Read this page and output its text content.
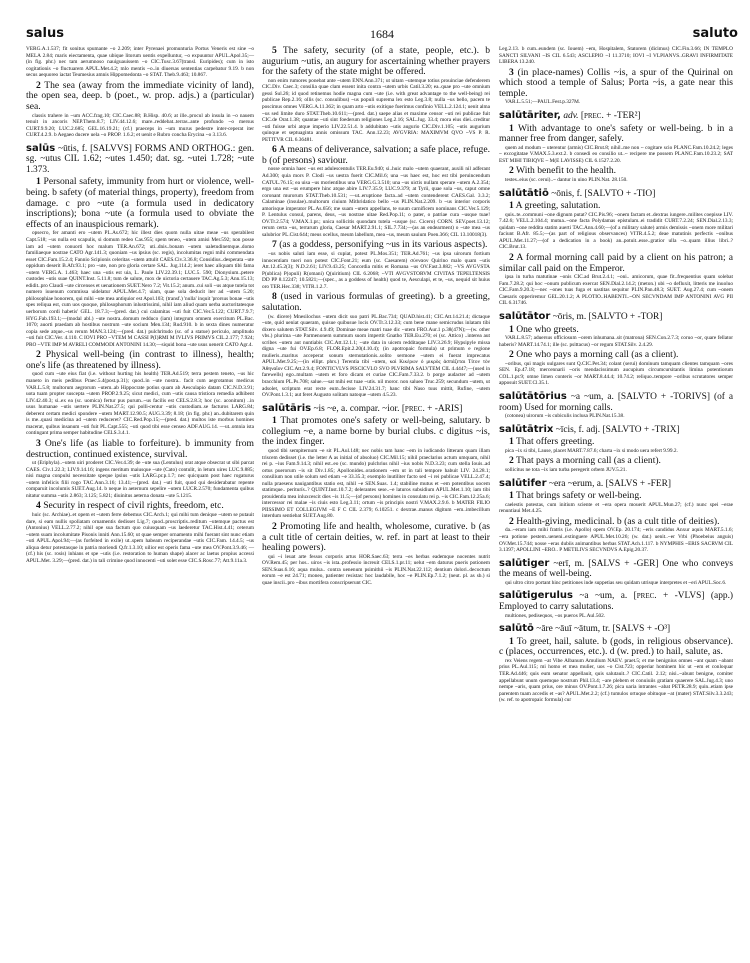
salus	1684	saluto

VERG.A.1.537; fit sonitus spumante ~o 2.209; inter Pyrenaei promunturia Portus Veneris est sine ~o MELA 2.84; maris eiectamenta, quae ubique litorum uentis expelluntur, ~o expuuntur APUL.Apol.35;—(in fig. phr.) nec tam aerumnoso nauiguauissem ~o CIC.Tusc.3.67(transl. Euripides); cum in isto cogitationis ~o fluctuarem APUL.Met.4.2; mlo mentis ~o..in diuersas sententias carpebatur 9.19. b non secus aequoreo iactat Teumesius amnis Hippomedonta ~o STAT. Theb.9.463; 10.867.

2 The sea (away from the immediate vicinity of land), the open sea, deep. b (poet., w. prop. adjs.) a (particular) sea.

classis trahere in ~um ACC.frag.10; CIC.Caec.88; B.Hisp. 40.6; at ille..procul ab insula in ~o nauem tenuit in ancoris NEP.Them.8.7; LIV.44.12.6; mare..reddebat..terras..ante profundo ~o mersus CURT.9.9.20; LUC.2.685; GEL.16.19.21; (cf.) praeceps in ~um murus pedestre inter-ceperat iter CURT.4.2.9. b Aegaeo ducere uela ~o PROP. 1.6.2; et uenit e Rubro concha Erycina ~o 3.13.6.

salūs ~ūtis, f. [SALVVS] FORMS AND ORTHOG.: gen. sg. ~utus CIL 1.62; ~utes 1.450; dat. sg. ~utei 1.728; ~ute 1.373.

1 Personal safety, immunity from hurt or violence, well-being. b safety (of material things, property), freedom from damage. c pro ~ute (a formula used in dedicatory inscriptions); bona ~ute (a formula used to obviate the effects of an inauspicious remark).

opsecro, fer amanti ero ~utem PL.As.672; hic illest dies quom nulla uitae meae ~us sperabilest Capt.518; ~us nulla est scapulis, si domum redeo Cas.955; spem teneo, ~utem amisi Mer.592; non posse iam ad ~utem conuorti hoc malum TER.An.672; uti..dnis..bonam ~utem ualetudinemque..domo familiaeque nostrae CATO Agr.141.3; quoniam ~us ipsius (sc. regis), incolumitas regni mihi commendata esset CIC.Fam.15.2.4; Fannio Scipionis celeritas ~utem attulit CAES.Civ.3.36.8; Considius..desperata ~ute oppidum deserit B.Afr.93.1; pro ~ute, non pro gloria certare SAL. Jug.114.2; ieret haec aliquam tibi fama ~utem VERG.A. 1.463; haec una ~utis est uia, L. Paule LIV.22.39.1; LUC.5. 590; Dionysium..petere custodes ~utis suae QUINT.Inst. 5.11.8; tum de salute, mox de uictoria certauere TAC.Ag.5.3; Ann.15.13; edidit..pro Claudi ~ute circenses et uenationem SUET.Nero 7.2; Vit.15.2; anum..cui soli ~us atque tutela tot numero iuuenum commissa uidelatur APUL.Met.4.7; uiam, quae sola deducit iter ad ~utem 5.20; philosophiae honorem, qui mihi ~ute mea antiquior est Apol.103; (transf.) 'nulla' inquit 'prorsus bonae ~utis spes reliqua est, cum uos quoque, philosophorum inlustrissimi, nihil iam aliud quam uerba auctoritatesque uerborum cordi habetis' GEL. 18.7.3;—(pred. dat.) cui calamitas ~uti fuit CIC.Ver.5.122; CURT.7.9.7; HYG.Fab.193.1;—(modal abl.) ~ute nostra..domum redduco (iam) integrum omnem exercitum PL.Bac. 1070; auorti praedam ab hostibus nostrum ~ute socium Men.134; Rud.910. b in sexta dines numeratur copia sede atque..~us rerum MAN.3.124;—(pred. dat.) pulchritudo (sc. of a statue) periculo, amplitudo ~uti fuit CIC.Ver. 4.110. C IOVI PRO ~VTEM M CASSI P(I)RMI M IVLIVS PRIMVS CIL.2.177; 7.924; PRO ~VTE IMP M AVRELI COMMODI ANTONINI 14.30;—siquid bona ~ute usus uenerit CATO Agr.4.

2 Physical well-being (in contrast to illness), health; one's life (as threatened by illness).

quod cum ~ute eius fiat (i.e. without hurting his health) TER.Ad.519; terra pestem teneto, ~us hic maneto in meis pedibus Praec.5.4(post.p.31); quod..in ~ute nostra.. facit cum aegrotamus medicus VAR.L.5.8; multorum aegrorum ~utem..ab Hippocrate potius quam ab Aesculapio datam CIC.N.D.3.91; uota tuam propter suscepta ~utem PROP.2.9.25; sicut medici, cum ~utis causa tristiora remedia adhibent LIV.42.40.3; si..ex ea (sc. uomica) fertur pus purum..~us facilis est CELS.2.8.3; hoc (sc. aconitum) ..in usus humanae ~utis uertere PLIN.Nat.27.5; qui polli-centur ~utis custodiam..se facturos LARG.84; deberent certam medici spondere ~utem MART.12.90.5; AUG.3.39; 8.18; (in fig. phr.) an..dubitarem quin is me..quasi medicina ad ~utem reduceret? CIC.Red.Pop.15;—(pred. dat.) multos iste morbus homines macerat, quibus insanum ~uti fuit PL.Capt.555; ~uti quod tibi esse censeo ADF.AUG.14. —ut..omnia ista contingant prima semper habitudine CELS.3.4.1.

3 One's life (as liable to forfeiture). b immunity from destruction, continued existence, survival.

ut (Eriphyla)..~utem uiri proderet CIC.Ver.4.39; de ~ute sua (Lentulus) orat atque obsecrat ut sibi parcat CAES. Civ.1.22.3; LIV.9.14.16; ingens meritum maiusque ~ute (Cato) contulit, in letum uires LUC.9.885; nisi magna conpulsi necessitate speque ipsius ~utis LARG.pr.p.1.7; nec quicquam post haec rogaturus ~utem infelicis filii rogo TAC.Ann.3.16; 13.41;—(pred. dat.) ~uti fuit, quod qui desiderabatur repente comparuit incolumis SUET.Aug.14. b neque in aeternum sepelire ~utem LUCR.2.570; fundamenta quibus nitatur summa ~utis 2.863; 3.125; 5.821; diuinitus aeterna donata ~ute 5.1215.

4 Security in respect of civil rights, freedom, etc.

huic (sc. Archiae)..et opem et ~utem ferre debemus CIC.Arch.1; qui mihi tum denique ~utem se putauit dare, si eam nullis spoliatam ornamentis dedisset Lig.7; quod..proscriptis..reditum ~utemque pactus est (Antonius) VELL.2.77.2; nihil ope sua factum quo cuiusquam ~us laederetur TAC.Hist.4.41; ceterum ~utem suam incolumitate Pisonis inniti Ann.15.60; ut quae semper ornamento mihi fuerant sint nunc etiam ~uti APUL.Apol.94;—(as forfeited in exile) ut..spem habeam reciperandae ~utis CIC.Fam. 14.4.5; ~us aliqua detur potestasque in patria moriendi Q.fr.1.3.10; uilior est operis fama ~ute mea OV.Pont.3.9.46; —(cf.) his (sc. rosis) inhians et spe ~utis (i.e. restoration to human shape) alacer ac laetus propius accessi APUL.Met. 3.29;—(pred. dat.) in tali crimine quod innocenti ~uti solet esse CIC.S.Rosc.77; Att.9.11a.3.

5 The safety, security (of a state, people, etc.). b augurium ~utis, an augury for ascertaining whether prayers for the safety of the state might be offered.

non enim rumores ponebat ante ~utem ENN.Ann.371; ut uitam ~utemque totius prouinciae defenderem CIC.Div. Caec.3; consilia quae clam essent inita contra ~utem urbis Catil.3.20; ea..quae pro ~ute omnium gessi Sul.26; id quod retinemus hodie magna cum ~ute (i.e. with great advantage to the well-being) rei publicae Rep.2.16; ollis (sc. consulibus) ~us populi suprema lex esto Leg.3.8; nulla ~us bello, pacem te poscimus omnes VERG.A.11.362; in quam arto ~utis exitique fuerimus confinio VELL.2.124.1; uenit alma ~us sed limite duro STAT.Theb.10.611;—(pred. dat.) saepe alias et maxime censor ~uti rei publicae fuit CIC.de Orat.1.38; quantae ~uti sint foederum religiones Leg.2.16; SAL.Jug. 33.4; mora eius diei..creditur ~uti fuisse urbi atque imperio LIV.22.51.4. b addubitato ~utis augurio CIC.Div.1.105; ~utis augurium quinque et septuaginta annis omissum TAC. Ann.12.23; AVGVRIA: MAXIMVM QVO ~VS P. R. PETITVR CIL 6.36481.

6 A means of deliverance, salvation; a safe place, refuge. b (of persons) saviour.

nosse omnia haec ~us est adulescentulis TER.Eu.940; si..huic malo ~utem quaerant, auxili nil adferant Ad.300; quia mors P. Clodi ~us uestra fuerit CIC.Mil.6; una ~us haec est, hoc est tibi peruincendum CATUL.76.15; ea uisa ~us morientibus una VERG.G.3.510; una ~us uictis nullam sperare ~utem A.2.354; ergo una est ~us erumpere hinc atque abire LIV.7.35.9; LUC.9.379; at Tyrii, quae sola ~us, caput omne coronant murorum STAT.Theb.10.531; —ut..eruptione facta..ad ~utem contenderent CAES.Gal. 3.3.2; Calaminae (insulae)..multorum ciuium Mithridatico bello ~us PLIN.Nat.2.209. b ~us interior corporis amorisque imperator PL.As.656; me suam ~utem appellans, te suum carnificem nominans CIC.Ver.5.129; P. Lentulus consul, parens, deus, ~us nostrae uitae Red.Pop.11; o pater, o patriae cura ~usque tuae! OV.Tr.2.574; V.MAX.1.pr.; unica sollicitis quondam tutela ~usque (sc. Cicero) CORN. SEV.poet.13.12; rerum certa ~us, terrarum gloria, Caesar MART.2.91.1; SIL.7.734;—(as an endearment) o ~ute mea ~us salubrior PL.Cist.644; meus ocellus, meum labellum, mea ~us, meum sauium Poen.366; CIL 13.10018(3).

7 (as a goddess, personifying ~us in its various aspects).

~us nobis saluti iam esse, si cupiat, potest PL.Mos.351; TER.Ad.761; ~us ipsa uirorum fortium innocentiam tueri non potest CIC.Font.21; eum (sc. Caesarem) σύνναον Quirino malo quam ~utis Att.12.45.2(3); N.D.2.61; LIV.9.43.25; Concordia mitis et Romana ~us OV.Fast.3.882; ~VS AVGVSTA P(ublica) P(opuli) R(omani) Q(uiritium) CIL 6.2068; ~VTI AVGVSTORVM CIVITAS TEPELTENSIS DD PP 8.12247; 10.5821;—(spec., as a goddess of health) quod te, Aesculapi, et te, ~us, nequid sit huius oro TER.Hec.338; VITR.1.2.7.

8 (used in various formulas of greeting). b a greeting, salutation.

(w. dicere) Mnesilochus ~utem dicit suo patri PL.Bac.734; QUAD.hist.41; CIC.Att.14.21.4; dictaque ~ute, quid ueniat quaeram, quisue quibusue locis OV.Tr.3.12.33; cum bene mane semicrudus inlatam tibi dixero salutem STAT.Silv. 4.9.49; Dominae meae matri tuae dic ~utem FRO.Aur.1 p.38(47N);—(w. other vbs.) plurima ~ute Parmenonem summum suom impertit Gnatho TER.Eu.270; ei (sc. Attico) ..interea aut scribes ~utem aut nuntiabis CIC.Att.12.1.1; ~ute data in uicem redditaque LIV.3.26.9; Hypsipyle missa digna ~ute fui OV.Ep.6.8; FLOR.Epit.2.20(4.10.4); (in apotropaic formula) ut primum e regione mulieris..maritus acceperat sonum sternutationis..solito sermone ~utem ei fuerat imprecatus APUL.Met.9.25;—(in ellipt. phrs.) Terentia tibi ~utem, καὶ Κικέρων ὁ μικρὸς ἀσπάζεται Τίτον τὸν Ἀθηναῖον CIC.Att.2.9.4; FONTICVLVS PISCICVLO SVO PLVRIMA SALVTEM CIL 4.4447;—(used in farewells) ego..multam ~utem et foro dicam et curiae CIC.Fam.7.33.2. b porge audacter ad ~utem bracchium PL.Ps.708; salue.—sat mihi est tuae ~utis. nil moror. non salueo Truc.259; secundum ~utem, ut adsolet, scriptum erat recte eum..fecisse LIV.24.31.7; hanc tibi Naso tuus mittit, Rufine, ~utem OV.Pont.1.3.1; aut feret Augusto solitam natoque ~utem 4.5.23.

salūtāris ~is ~e, a. compar. ~ior. [prec. + -ARIS]

1 That promotes one's safety or well-being, salutary. b collegium ~e, a name borne by burial clubs. c digitus ~is, the index finger.

quod tibi sempiternum ~e sit PL.Aul.148; nec nobis tam hanc ~em in iudicando litteram quam illam triscem dedisset (i.e. the letter A as initial of absoluo) CIC.Mil.15; nihil praeclarius actum umquam, nihil rei p. ~ius Fam.9.14.3; nihil est..eo (sc. mundo) pulchrius nihil ~ius nobis N.D.3.23; cum stella Iouis..ad ortus puerorum ~is sit Div.1.85; Apollonides..orationem ~em ut in tali tempore habuit LIV. 24.28.1; consilium non utile solum sed etiam ~e 33.35.3; exemplo inutiliter facto sed ~i rei publicae VELL.2.47.4; nulla praesens nauigantibus statio est, nihil ~e SEN.Suas. 1.4; stabiline mutus et ~em potentibus uocem statimque.. periturís..? QUINT.Inst.10.7.2; delerantes sese..~e laturos subsidium APUL.Met.1.10; iam tibi prouidentia mea inluxcescit dies ~is 11.5;—(of persons) homines in consulatu rei p. ~is CIC.Fam.12.25a.6; intercessor rei malae ~is ciuis esto Leg.3.11; ortum ~is principis nostri V.MAX.2.9.6. b MATER FILIO PIISSIMO ET COLLEGIVM ~E F C CIL 2.379; 6.10251. c dextrae..manus digitum ~em..imbecillum interdum sentiebat SUET.Aug.80.

2 Promoting life and health, wholesome, curative. b (as a cult title of certain deities, w. ref. in part at least to their healing powers).

qui ~i leuat arte fessos corporis artus HOR.Saec.63; terra ~es herbas eademque nocentes nutrit OV.Rem.45; per hos.. uiros ~is ista..professio increuit CELS.1.pr.11; uelut ~em daturus pueris potionem SEN.Suas.6.16; aqua mulsa.. contra uenenum psimithii ~is PLIN.Nat.22.112; dentium dolori..decoctum eorum ~e est 24.71; moneo, patienter resistas: hoc laudabile, hoc ~e PLIN.Ep.7.1.2; (neut. pl. as sb.) si quae inscii..pro ~ibus mortifera conscripserunt CIC.

Leg.2.13. b cum..eundem (sc. Iouem) ~em, Hospitalem, Statorem (dicimus) CIC.Fin.3.66; IN TEMPLO SANCTI SILVANI ~IS CIL 6.543; ASCLEPIO ~I 11.3710; IOVI ~I VLPIANVS..GRAVI INFIRMITATE LIBERA 13.240.

3 (in place-names) Collis ~is, a spur of the Quirinal on which stood a temple of Salus; Porta ~is, a gate near this temple.

VAR.L.5.51;—PAUL.Fest.p.327M.

salūtāriter, adv. [prec. + -TER²]

1 With advantage to one's safety or well-being. b in a manner free from danger, safely.

quem ad modum ~ uterentur (armis) CIC.Brut.8; nihil..me non ~ cogitare scio PLANC.Fam.10.24.2; leges ~ excogitatae V.MAX.5.3.ext.2. b consedi eo consilio ut..~ recipere me possem PLANC.Fam.10.23.2; SAT EST MIHI TIBIQVE ~ M(E LAVISSE) CIL 6.1527.2.20.

2 With benefit to the health.

testes..eius (sc. cerui)..~ dantur in uino PLIN.Nat. 28.150.

salūtātiō ~ōnis, f. [SALVTO + -TIO]

1 A greeting, salutation.

quis..te..communi ~one dignum putat? CIC.Pis.96; ~onem factam et..dextras iungere..milites coepisse LIV. 7.42.6; VELL.2.104.4; mutua..~one facta Polydamas epistulam..ei tradidit CURT.7.2.24; SEN.Dial.2.13.3; quidam ~one reddita statim auerti TAC.Ann.4.60;—(of a military salute) armis demissis ~onem more militari faciunt B.Afr. 85.5;—(as part of religious observances) VITR.4.5.2; deae matutinis perfectis ~onibus APUL.Met.11.27;—(of a dedication in a book) an..potuit..esse..gratior ulla ~o..quam illius libri..? CIC.Brut.13.

2 A formal morning call paid by a client on his patron; a similar call paid on the Emperor.

ipsa in turba matutinae ~onis CIC.ad Brut.2.4.1; ~oni.. amicorum, quae fit..frequentius quam solebat Fam.7.28.2; qui hoc ~onum publicum exercat SEN.Dial.2.14.2; (meton.) ubi ~o defluxit, litteris me inuoluo CIC.Fam.9.20.3;—nec ~ones tuas fuga et uastitas sequitur PLIN.Pan.48.3; SUET. Aug.27.4; cum ~onem Caesaris opperiremur GEL.20.1.2; A PLOTIO..HABENTI..~ON SECVNDAM IMP ANTONINI AVG PII CIL 6.31746.

salūtātor ~ōris, m. [SALVTO + -TOR]

1 One who greets.

VAR.L.8.57; aduersus officiosum ~orem inhumana..sit (matrona) SEN.Con.2.7.3; coruo ~or, quare fellator haberis? MART.14.74.1; ille (sc. psittacus) ~or regum STAT.Silv. 2.4.29.

2 One who pays a morning call (as a client).

~oribus, qui magis uulgares sunt Q.CIC.Pet.34; colant (serui) dominum tamquam clientes tamquam ~ores SEN. Ep.47.18; mercennarii ~oris mendacissimum aucupium circumcursitantis limina potentiorum COL.1.pr.9; omne limen conteris ~or MART.8.44.4; 10.74.2; reliquo..tempore ~oribus scrutatores semper apposuit SUET.Cl.35.1.

salūtātōrius ~a ~um, a. [SALVTO + -TORIVS] (of a room) Used for morning calls.

(cotonea) uirorum ~is cubiculis inclusa PLIN.Nat.15.38.

salūtātrix ~īcis, f. adj. [SALVTO + -TRIX]

1 That offers greeting.

pica ~ix si tibi, Lause, placet MART.7.87.6; charta ~ix si modo uera refert 9.99.2.

2 That pays a morning call (as a client).

sollicitus ne tota ~ix iam turba peregerit orbem JUV.5.21.

salūtifer ~era ~erum, a. [SALVS + -FER]

1 That brings safety or well-being.

caelestis potestas, cum initium sciente et ~era opera mouerit APUL.Mun.27; (cf.) nunc spei ~erae renuntiaui Met.4.25.

2 Health-giving, medicinal. b (as a cult title of deities).

da..~eram iam mihi fratris (i.e. Apollo) opem OV.Ep. 20.174; ~eris candidus Anxur aquis MART.5.1.6; ~era potione pestem..ueneni..extinguere APUL.Met.10.26; (w. dat.) uenit..~er Vrbi (Phoebeius anguis) OV.Met.15.744; nosse ~eras dubiis animantibus herbas STAT.Ach.1.117. b NYMPHIS ~ERIS SACRVM CIL 3.1397; APOLLINI ~ERO.. P METILIVS SECVNDVS A.Epig.20.37.

salūtiger ~erī, m. [SALVS + -GER] One who conveys the means of well-being.

qui ultro citro portant hinc petitiones inde suppetias seu quidam utrisque interpretes et ~eri APUL.Soc.6.

salūtigerulus ~a ~um, a. [prec. + -VLVS] (app.) Employed to carry salutations.

multiones, pedisequos, ~os pueros PL.Aul.502.

salūtō ~āre ~āuī ~ātum, tr. [SALVS + -O³]

1 To greet, hail, salute. b (gods, in religious observance). c (places, occurrences, etc.). d (w. pred.) to hail, salute, as.

rex Veiens regem ~at Vibe Albanum Amulium NAEV. praet.5; et me benignius omnes ~ant quam ~abant prius PL.Aul.115; mi homo et mea mulier, uos ~o Cist.723; opperiar hominem hic ut ~em et conloquar TER.Ad.446; quis eum senator appellauit, quis salutauit..? CIC.Catil. 2.12; nisi..~abunt benigne, comiter appellabunt unum quemque nostrum Phil.13.4; ~are plebem et conuiuiis gratiam quaerere SAL.Jug.4.3; uno nempe ~aris, quam prius, ore minus OV.Pont.1.7.26; pica uaria intrantes ~abat PETR.28.9; quin..etiam ipse parentem tuam accedis et ~as? APUL.Met.2.2; (cf.) tumulos ortuque obituque ~at (mater) STAT.Silv.3.3.243; (w. ref. to apotropaic formula) cur
